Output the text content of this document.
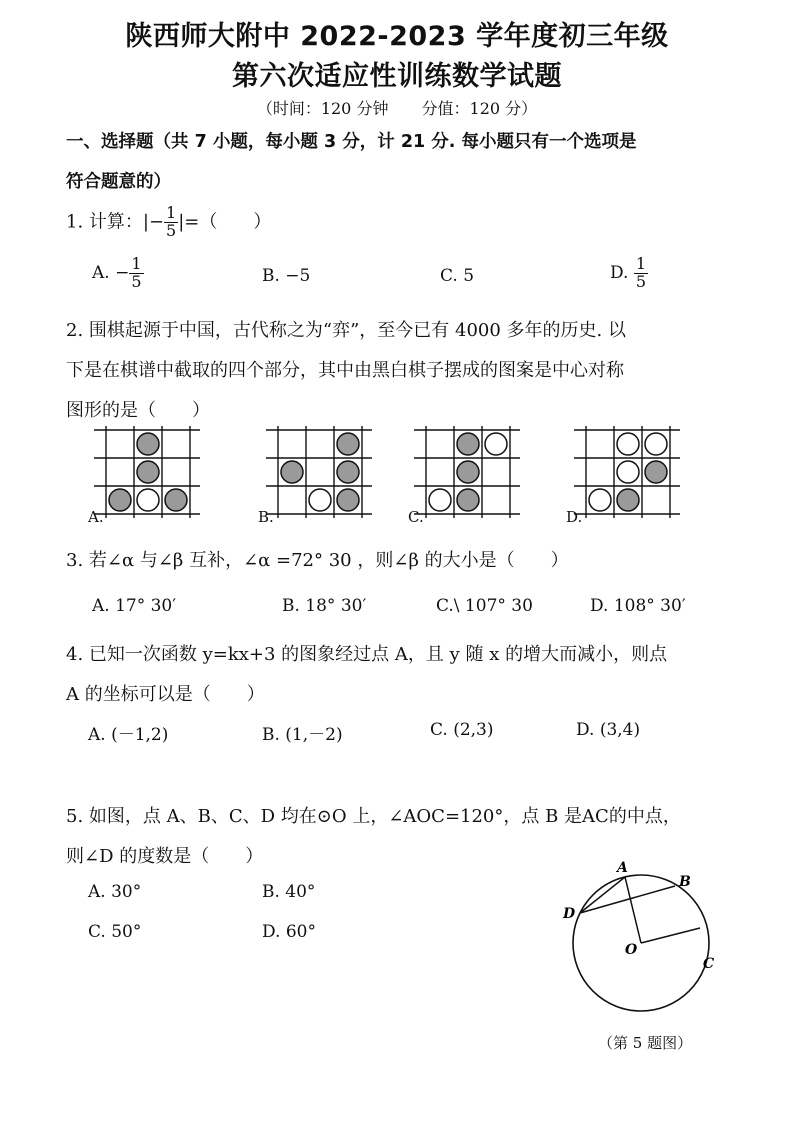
陕西师大附中 2022-2023 学年度初三年级
第六次适应性训练数学试题
（时间：120 分钟 分值：120 分）
一、选择题（共 7 小题，每小题 3 分，计 21 分. 每小题只有一个选项是
符合题意的）
1. 计算：|− $\frac{1}{5}$ |=（　　）
A. − $\frac{1}{5}$	B. −5	C. 5	D. $\frac{1}{5}$
2. 围棋起源于中国，古代称之为“弈”，至今已有 4000 多年的历史. 以
下是在棋谱中截取的四个部分，其中由黑白棋子摆成的图案是中心对称
图形的是（　　）
A.	B.	C.	D.
3. 若∠α 与∠β 互补，∠α =72° 30 ，则∠β 的大小是（　　）
A. 17° 30′	B. 18° 30′	C.\ 107° 30	D. 108° 30′
4. 已知一次函数 y=kx+3 的图象经过点 A，且 y 随 x 的增大而减小，则点
A 的坐标可以是（　　）
A. (－1,2)	B. (1,－2)	C. (2,3)	D. (3,4)
5. 如图，点 A、B、C、D 均在⊙O 上，∠AOC=120°，点 B 是AC的中点，
则∠D 的度数是（　　）
A. 30°	B. 40°
C. 50°	D. 60°
A
B
C
D
O
（第 5 题图）
